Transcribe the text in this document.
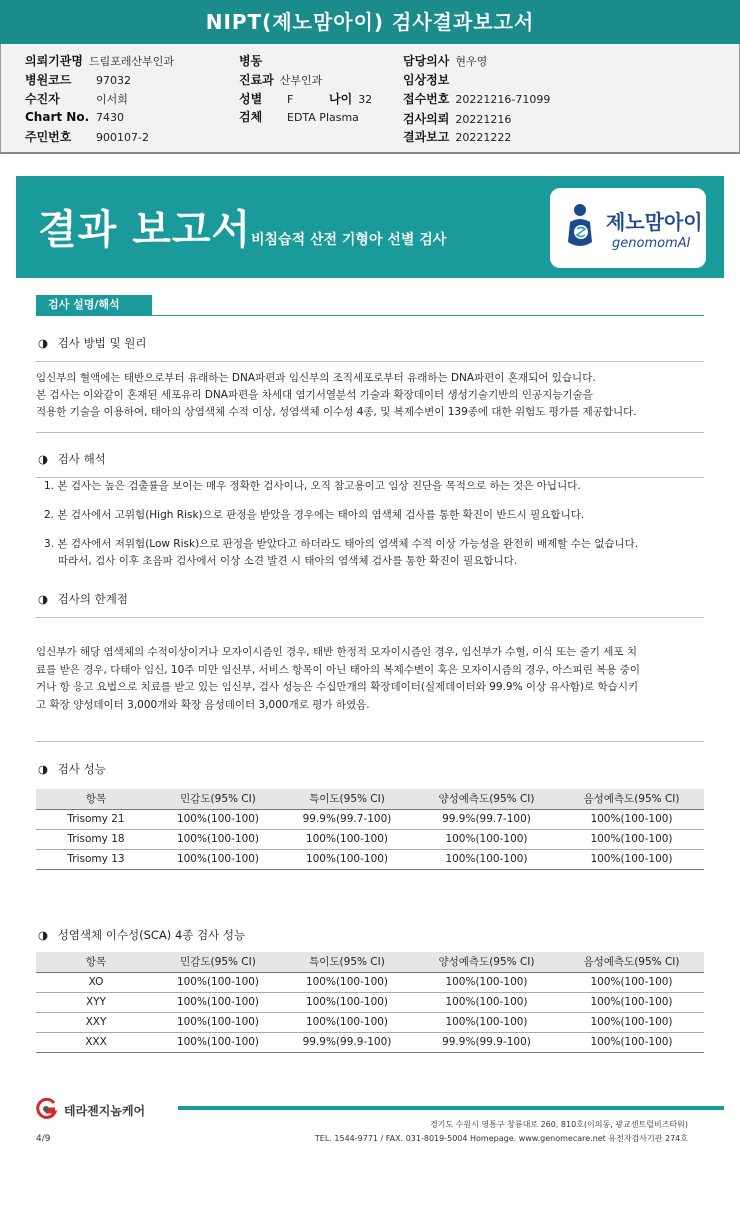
NIPT(제노맘아이) 검사결과보고서
의뢰기관명 드림포레산부인과
병원코드 97032
수진자	이서희
Chart No. 7430
주민번호 900107-2
병동
진료과 산부인과
성별 F	나이 32
검체 EDTA Plasma
담당의사 현우영
임상정보
접수번호 20221216-71099
검사의뢰 20221216
결과보고 20221222
결과 보고서 비침습적 산전 기형아 선별 검사
제노맘아이
genomomAI
검사 설명/해석
◑ 검사 방법 및 원리
임신부의 혈액에는 태반으로부터 유래하는 DNA파편과 임신부의 조직세포로부터 유래하는 DNA파편이 혼재되어 있습니다.
본 검사는 이와같이 혼재된 세포유리 DNA파편을 차세대 염기서열분석 기술과 확장데이터 생성기술기반의 인공지능기술을
적용한 기술을 이용하여, 태아의 상염색체 수적 이상, 성염색체 이수성 4종, 및 복제수변이 139종에 대한 위험도 평가를 제공합니다.
◑ 검사 해석
1. 본 검사는 높은 검출률을 보이는 매우 정확한 검사이나, 오직 참고용이고 임상 진단을 목적으로 하는 것은 아닙니다.
2. 본 검사에서 고위험(High Risk)으로 판정을 받았을 경우에는 태아의 염색체 검사를 통한 확진이 반드시 필요합니다.
3. 본 검사에서 저위험(Low Risk)으로 판정을 받았다고 하더라도 태아의 염색체 수적 이상 가능성을 완전히 배제할 수는 없습니다.
따라서, 검사 이후 초음파 검사에서 이상 소견 발견 시 태아의 염색체 검사를 통한 확진이 필요합니다.
◑ 검사의 한계점
임신부가 해당 염색체의 수적이상이거나 모자이시즘인 경우, 태반 한정적 모자이시즘인 경우, 임신부가 수혈, 이식 또는 줄기 세포 치
료를 받은 경우, 다태아 임신, 10주 미만 임신부, 서비스 항목이 아닌 태아의 복제수변이 혹은 모자이시즘의 경우, 아스피린 복용 중이
거나 항 응고 요법으로 치료를 받고 있는 임신부, 검사 성능은 수십만개의 확장데이터(실제데이터와 99.9% 이상 유사함)로 학습시키
고 확장 양성데이터 3,000개와 확장 음성데이터 3,000개로 평가 하였음.
◑ 검사 성능
항목	민감도(95% CI)	특이도(95% CI)	양성예측도(95% CI)	음성예측도(95% CI)
Trisomy 21	100%(100-100)	99.9%(99.7-100)	99.9%(99.7-100)	100%(100-100)
Trisomy 18	100%(100-100)	100%(100-100)	100%(100-100)	100%(100-100)
Trisomy 13	100%(100-100)	100%(100-100)	100%(100-100)	100%(100-100)
◑ 성염색체 이수성(SCA) 4종 검사 성능
항목	민감도(95% CI)	특이도(95% CI)	양성예측도(95% CI)	음성예측도(95% CI)
XO	100%(100-100)	100%(100-100)	100%(100-100)	100%(100-100)
XYY	100%(100-100)	100%(100-100)	100%(100-100)	100%(100-100)
XXY	100%(100-100)	100%(100-100)	100%(100-100)	100%(100-100)
XXX	100%(100-100)	99.9%(99.9-100)	99.9%(99.9-100)	100%(100-100)
테라젠지놈케어
경기도 수원시 영통구 창룡대로 260, 810호(이의동, 광교센트럴비즈타워)
TEL. 1544-9771 / FAX. 031-8019-5004 Homepage. www.genomecare.net 유전자검사기관 274호
4/9
